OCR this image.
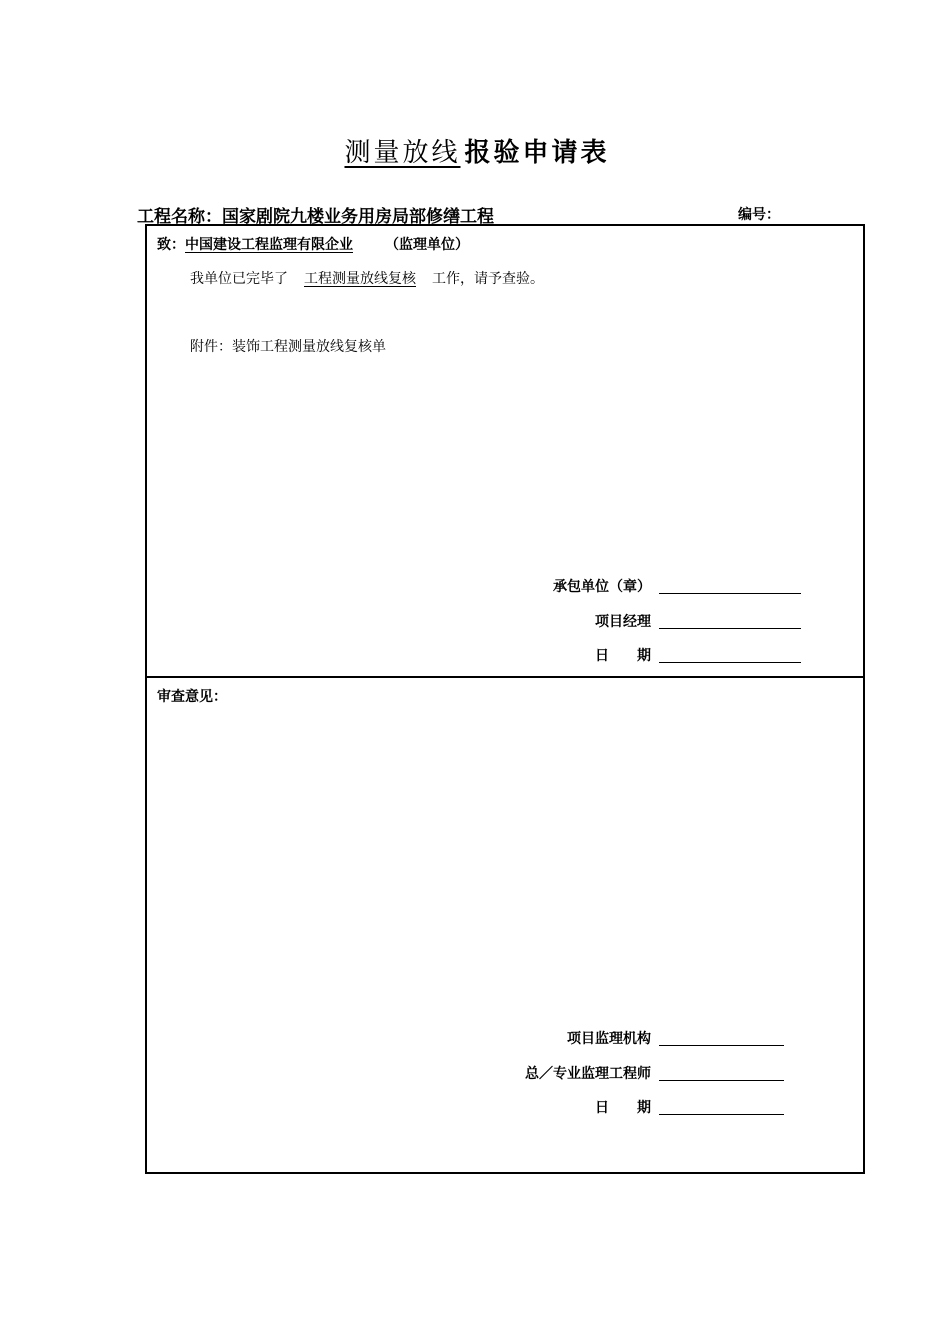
测量放线 报验申请表
工程名称：国家剧院九楼业务用房局部修缮工程	编号：
致：中国建设工程监理有限企业 （监理单位）
我单位已完毕了 工程测量放线复核 工作，请予查验。
附件：装饰工程测量放线复核单
承包单位（章）
项目经理
日　　期
审查意见：
项目监理机构
总／专业监理工程师
日　　期
